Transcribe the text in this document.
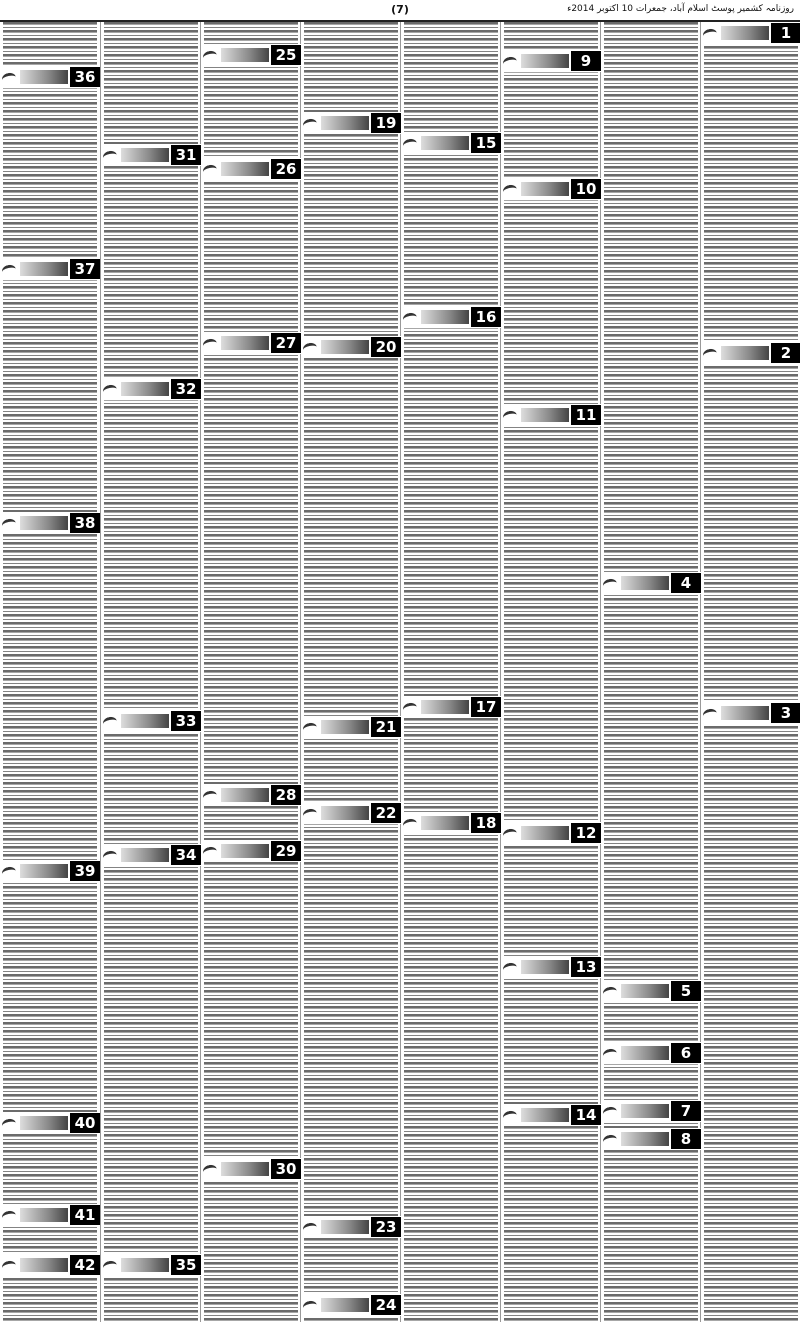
(7)	روزنامہ کشمیر پوسٹ اسلام آباد، جمعرات 10 اکتوبر 2014ء
1
2
3
4
5
6
7
8
9
10
11
12
13
14
15
16
17
18
19
20
21
22
23
24
25
26
27
28
29
30
31
32
33
34
35
36
37
38
39
40
41
42
